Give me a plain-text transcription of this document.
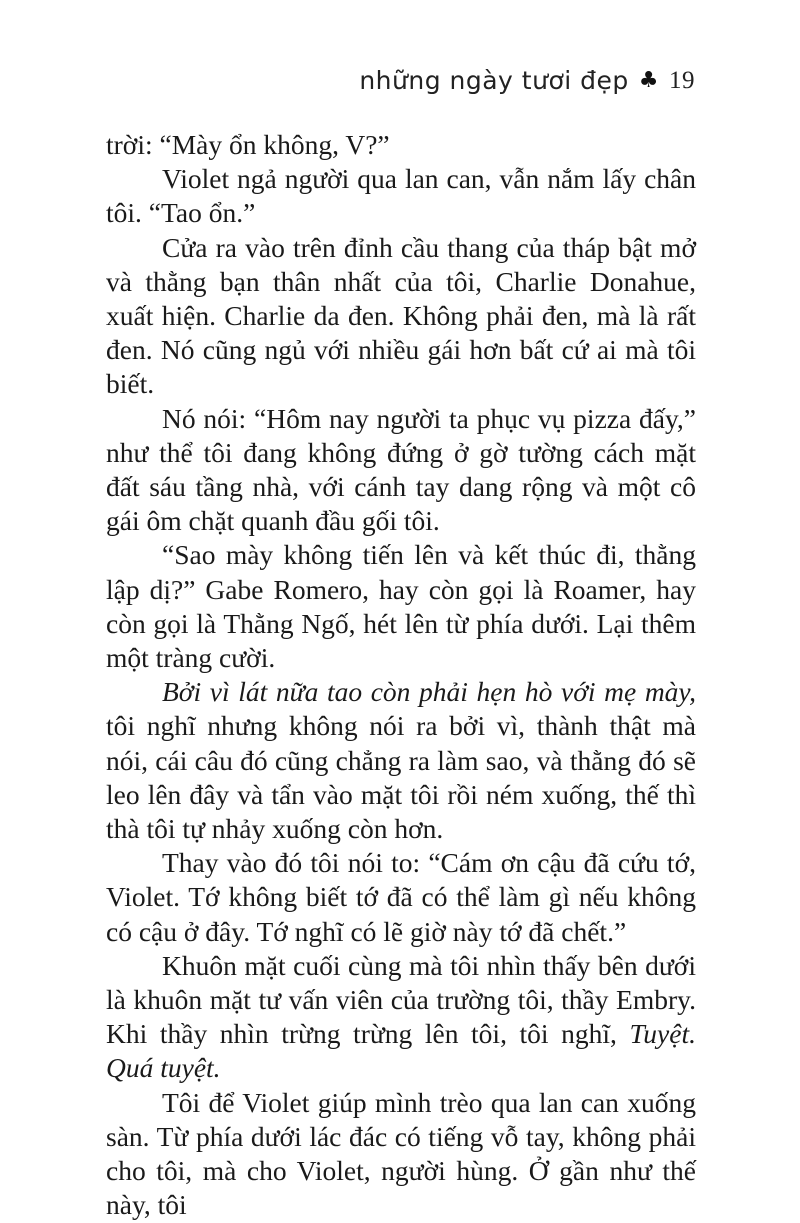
những ngày tươi đẹp ♣ 19

trời: “Mày ổn không, V?”

Violet ngả người qua lan can, vẫn nắm lấy chân tôi. “Tao ổn.”

Cửa ra vào trên đỉnh cầu thang của tháp bật mở và thằng bạn thân nhất của tôi, Charlie Donahue, xuất hiện. Charlie da đen. Không phải đen, mà là rất đen. Nó cũng ngủ với nhiều gái hơn bất cứ ai mà tôi biết.

Nó nói: “Hôm nay người ta phục vụ pizza đấy,” như thể tôi đang không đứng ở gờ tường cách mặt đất sáu tầng nhà, với cánh tay dang rộng và một cô gái ôm chặt quanh đầu gối tôi.

“Sao mày không tiến lên và kết thúc đi, thằng lập dị?” Gabe Romero, hay còn gọi là Roamer, hay còn gọi là Thằng Ngố, hét lên từ phía dưới. Lại thêm một tràng cười.

Bởi vì lát nữa tao còn phải hẹn hò với mẹ mày, tôi nghĩ nhưng không nói ra bởi vì, thành thật mà nói, cái câu đó cũng chẳng ra làm sao, và thằng đó sẽ leo lên đây và tẩn vào mặt tôi rồi ném xuống, thế thì thà tôi tự nhảy xuống còn hơn.

Thay vào đó tôi nói to: “Cám ơn cậu đã cứu tớ, Violet. Tớ không biết tớ đã có thể làm gì nếu không có cậu ở đây. Tớ nghĩ có lẽ giờ này tớ đã chết.”

Khuôn mặt cuối cùng mà tôi nhìn thấy bên dưới là khuôn mặt tư vấn viên của trường tôi, thầy Embry. Khi thầy nhìn trừng trừng lên tôi, tôi nghĩ, Tuyệt. Quá tuyệt.

Tôi để Violet giúp mình trèo qua lan can xuống sàn. Từ phía dưới lác đác có tiếng vỗ tay, không phải cho tôi, mà cho Violet, người hùng. Ở gần như thế này, tôi
